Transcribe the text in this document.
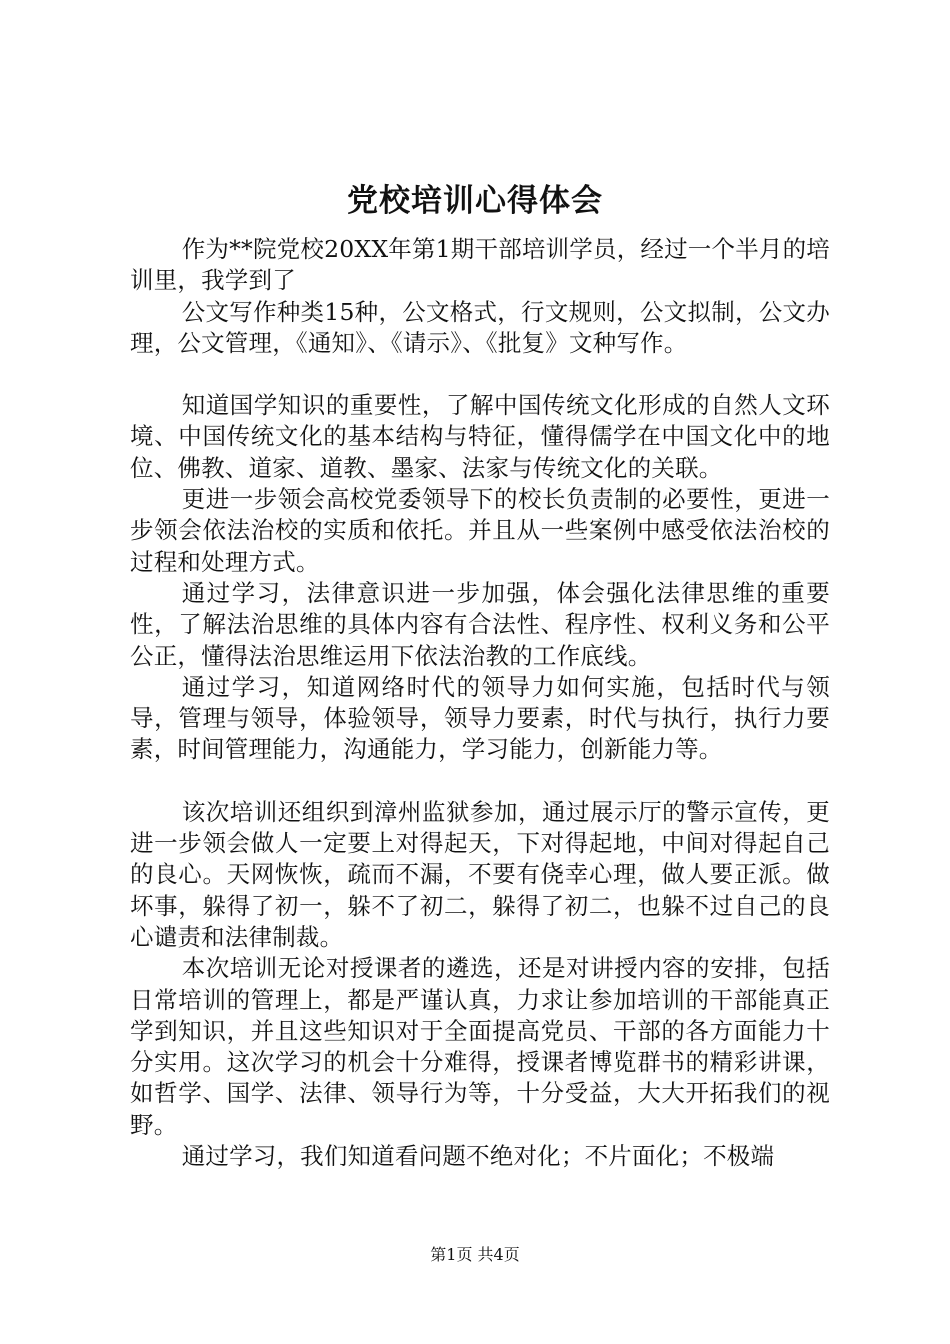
党校培训心得体会

作为**院党校20XX年第1期干部培训学员，经过一个半月的培训里，我学到了

公文写作种类15种，公文格式，行文规则，公文拟制，公文办理，公文管理，《通知》、《请示》、《批复》文种写作。

知道国学知识的重要性，了解中国传统文化形成的自然人文环境、中国传统文化的基本结构与特征，懂得儒学在中国文化中的地位、佛教、道家、道教、墨家、法家与传统文化的关联。

更进一步领会高校党委领导下的校长负责制的必要性，更进一步领会依法治校的实质和依托。并且从一些案例中感受依法治校的过程和处理方式。

通过学习，法律意识进一步加强，体会强化法律思维的重要性，了解法治思维的具体内容有合法性、程序性、权利义务和公平公正，懂得法治思维运用下依法治教的工作底线。

通过学习，知道网络时代的领导力如何实施，包括时代与领导，管理与领导，体验领导，领导力要素，时代与执行，执行力要素，时间管理能力，沟通能力，学习能力，创新能力等。

该次培训还组织到漳州监狱参加，通过展示厅的警示宣传，更进一步领会做人一定要上对得起天，下对得起地，中间对得起自己的良心。天网恢恢，疏而不漏，不要有侥幸心理，做人要正派。做坏事，躲得了初一，躲不了初二，躲得了初二，也躲不过自己的良心谴责和法律制裁。

本次培训无论对授课者的遴选，还是对讲授内容的安排，包括日常培训的管理上，都是严谨认真，力求让参加培训的干部能真正学到知识，并且这些知识对于全面提高党员、干部的各方面能力十分实用。这次学习的机会十分难得，授课者博览群书的精彩讲课，如哲学、国学、法律、领导行为等，十分受益，大大开拓我们的视野。

通过学习，我们知道看问题不绝对化；不片面化；不极端

第1页 共4页
